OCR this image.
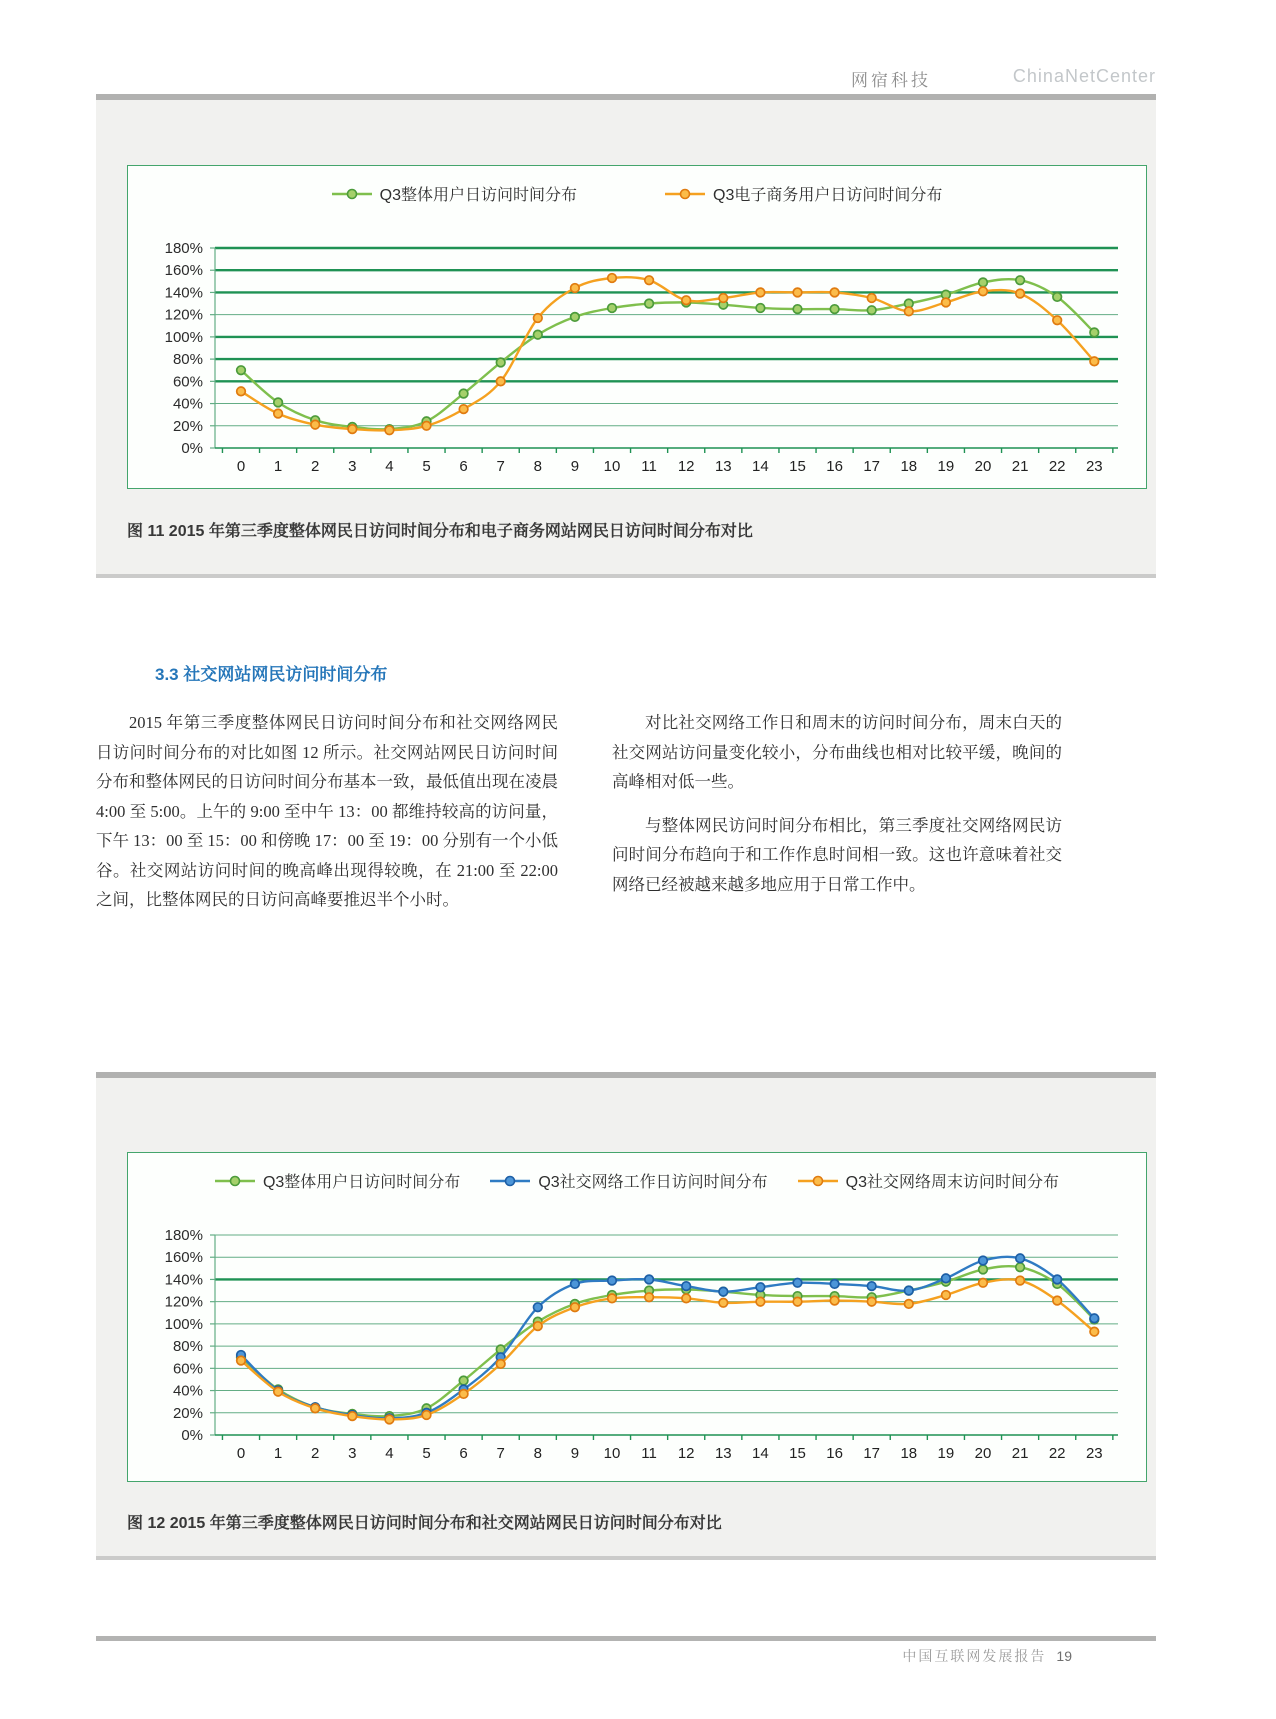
网宿科技	ChinaNetCenter
Q3整体用户日访问时间分布	Q3电子商务用户日访问时间分布
0%
20%
40%
60%
80%
100%
120%
140%
160%
180%
0 1 2 3 4 5 6 7 8 9 10 11 12 13 14 15 16 17 18 19 20 21 22 23

图 11 2015 年第三季度整体网民日访问时间分布和电子商务网站网民日访问时间分布对比

3.3 社交网站网民访问时间分布

2015 年第三季度整体网民日访问时间分布和社交网络网民日访问时间分布的对比如图 12 所示。社交网站网民日访问时间分布和整体网民的日访问时间分布基本一致，最低值出现在凌晨 4:00 至 5:00。上午的 9:00 至中午 13：00 都维持较高的访问量，下午 13：00 至 15：00 和傍晚 17：00 至 19：00 分别有一个小低谷。社交网站访问时间的晚高峰出现得较晚，在 21:00 至 22:00 之间，比整体网民的日访问高峰要推迟半个小时。

对比社交网络工作日和周末的访问时间分布，周末白天的社交网站访问量变化较小，分布曲线也相对比较平缓，晚间的高峰相对低一些。

与整体网民访问时间分布相比，第三季度社交网络网民访问时间分布趋向于和工作作息时间相一致。这也许意味着社交网络已经被越来越多地应用于日常工作中。

Q3整体用户日访问时间分布	Q3社交网络工作日访问时间分布	Q3社交网络周末访问时间分布
0%
20%
40%
60%
80%
100%
120%
140%
160%
180%
0 1 2 3 4 5 6 7 8 9 10 11 12 13 14 15 16 17 18 19 20 21 22 23

图 12 2015 年第三季度整体网民日访问时间分布和社交网站网民日访问时间分布对比

中国互联网发展报告 19
